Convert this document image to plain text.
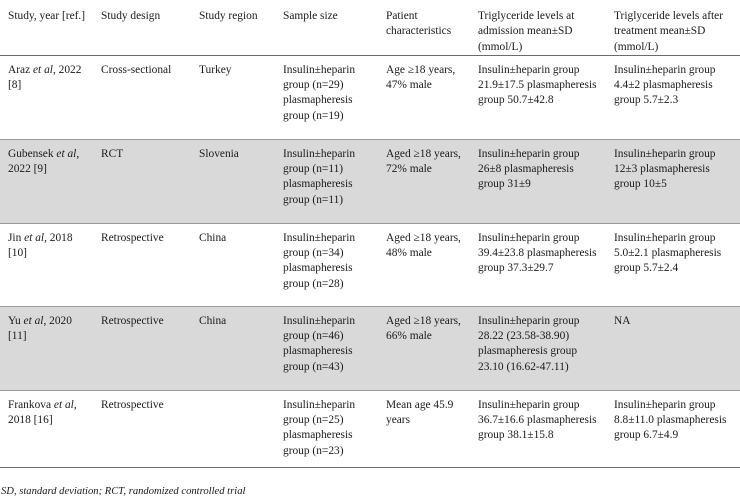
Study, year [ref.]	Study design	Study region	Sample size	Patient characteristics	Triglyceride levels at admission mean±SD (mmol/L)	Triglyceride levels after treatment mean±SD (mmol/L)
Araz et al, 2022 [8]	Cross-sectional	Turkey	Insulin±heparin group (n=29) plasmapheresis group (n=19)	Age ≥18 years, 47% male	Insulin±heparin group 21.9±17.5 plasmapheresis group 50.7±42.8	Insulin±heparin group 4.4±2 plasmapheresis group 5.7±2.3
Gubensek et al, 2022 [9]	RCT	Slovenia	Insulin±heparin group (n=11) plasmapheresis group (n=11)	Aged ≥18 years, 72% male	Insulin±heparin group 26±8 plasmapheresis group 31±9	Insulin±heparin group 12±3 plasmapheresis group 10±5
Jin et al, 2018 [10]	Retrospective	China	Insulin±heparin group (n=34) plasmapheresis group (n=28)	Aged ≥18 years, 48% male	Insulin±heparin group 39.4±23.8 plasmapheresis group 37.3±29.7	Insulin±heparin group 5.0±2.1 plasmapheresis group 5.7±2.4
Yu et al, 2020 [11]	Retrospective	China	Insulin±heparin group (n=46) plasmapheresis group (n=43)	Aged ≥18 years, 66% male	Insulin±heparin group 28.22 (23.58-38.90) plasmapheresis group 23.10 (16.62-47.11)	NA
Frankova et al, 2018 [16]	Retrospective		Insulin±heparin group (n=25) plasmapheresis group (n=23)	Mean age 45.9 years	Insulin±heparin group 36.7±16.6 plasmapheresis group 38.1±15.8	Insulin±heparin group 8.8±11.0 plasmapheresis group 6.7±4.9
SD, standard deviation; RCT, randomized controlled trial
